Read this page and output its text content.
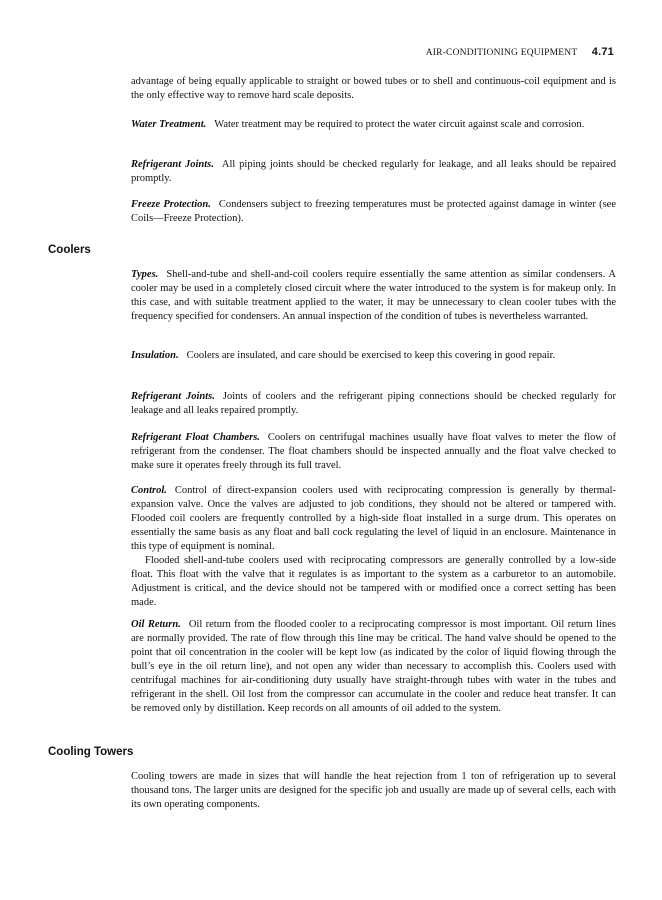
AIR-CONDITIONING EQUIPMENT 4.71

advantage of being equally applicable to straight or bowed tubes or to shell and continuous-coil equipment and is the only effective way to remove hard scale deposits.

Water Treatment. Water treatment may be required to protect the water circuit against scale and corrosion.

Refrigerant Joints. All piping joints should be checked regularly for leakage, and all leaks should be repaired promptly.

Freeze Protection. Condensers subject to freezing temperatures must be protected against damage in winter (see Coils—Freeze Protection).

Coolers

Types. Shell-and-tube and shell-and-coil coolers require essentially the same attention as similar condensers. A cooler may be used in a completely closed circuit where the water introduced to the system is for makeup only. In this case, and with suitable treatment applied to the water, it may be unnecessary to clean cooler tubes with the frequency specified for condensers. An annual inspection of the condition of tubes is nevertheless warranted.

Insulation. Coolers are insulated, and care should be exercised to keep this covering in good repair.

Refrigerant Joints. Joints of coolers and the refrigerant piping connections should be checked regularly for leakage and all leaks repaired promptly.

Refrigerant Float Chambers. Coolers on centrifugal machines usually have float valves to meter the flow of refrigerant from the condenser. The float chambers should be inspected annually and the float valve checked to make sure it operates freely through its full travel.

Control. Control of direct-expansion coolers used with reciprocating compression is generally by thermal-expansion valve. Once the valves are adjusted to job conditions, they should not be altered or tampered with. Flooded coil coolers are frequently controlled by a high-side float installed in a surge drum. This operates on essentially the same basis as any float and ball cock regulating the level of liquid in an enclosure. Maintenance in this type of equipment is nominal.

Flooded shell-and-tube coolers used with reciprocating compressors are generally controlled by a low-side float. This float with the valve that it regulates is as important to the system as a carburetor to an automobile. Adjustment is critical, and the device should not be tampered with or modified once a correct setting has been made.

Oil Return. Oil return from the flooded cooler to a reciprocating compressor is most important. Oil return lines are normally provided. The rate of flow through this line may be critical. The hand valve should be opened to the point that oil concentration in the cooler will be kept low (as indicated by the color of liquid flowing through the bull’s eye in the oil return line), and not open any wider than necessary to accomplish this. Coolers used with centrifugal machines for air-conditioning duty usually have straight-through tubes with water in the tubes and refrigerant in the shell. Oil lost from the compressor can accumulate in the cooler and reduce heat transfer. It can be removed only by distillation. Keep records on all amounts of oil added to the system.

Cooling Towers

Cooling towers are made in sizes that will handle the heat rejection from 1 ton of refrigeration up to several thousand tons. The larger units are designed for the specific job and usually are made up of several cells, each with its own operating components.
